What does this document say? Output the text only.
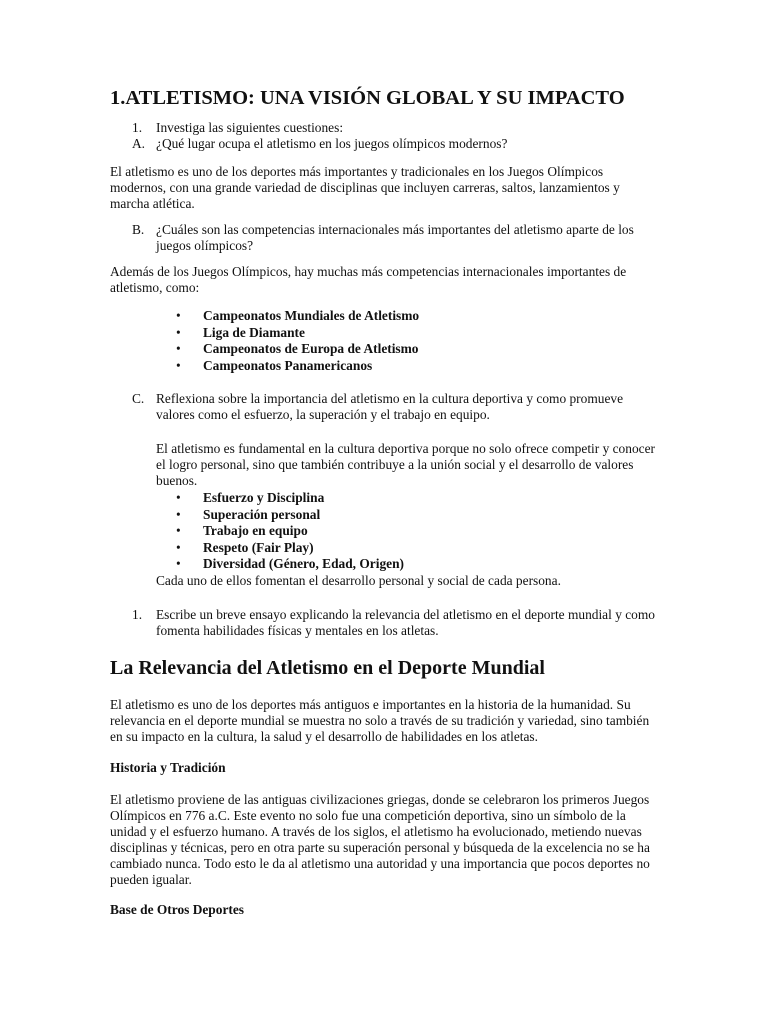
1.ATLETISMO: UNA VISIÓN GLOBAL Y SU IMPACTO

1. Investiga las siguientes cuestiones:

A. ¿Qué lugar ocupa el atletismo en los juegos olímpicos modernos?

El atletismo es uno de los deportes más importantes y tradicionales en los Juegos Olímpicos modernos, con una grande variedad de disciplinas que incluyen carreras, saltos, lanzamientos y marcha atlética.

B. ¿Cuáles son las competencias internacionales más importantes del atletismo aparte de los juegos olímpicos?

Además de los Juegos Olímpicos, hay muchas más competencias internacionales importantes de atletismo, como:

• Campeonatos Mundiales de Atletismo

• Liga de Diamante

• Campeonatos de Europa de Atletismo

• Campeonatos Panamericanos

C. Reflexiona sobre la importancia del atletismo en la cultura deportiva y como promueve valores como el esfuerzo, la superación y el trabajo en equipo.

El atletismo es fundamental en la cultura deportiva porque no solo ofrece competir y conocer el logro personal, sino que también contribuye a la unión social y el desarrollo de valores buenos.

• Esfuerzo y Disciplina

• Superación personal

• Trabajo en equipo

• Respeto (Fair Play)

• Diversidad (Género, Edad, Origen)

Cada uno de ellos fomentan el desarrollo personal y social de cada persona.

1. Escribe un breve ensayo explicando la relevancia del atletismo en el deporte mundial y como fomenta habilidades físicas y mentales en los atletas.

La Relevancia del Atletismo en el Deporte Mundial

El atletismo es uno de los deportes más antiguos e importantes en la historia de la humanidad. Su relevancia en el deporte mundial se muestra no solo a través de su tradición y variedad, sino también en su impacto en la cultura, la salud y el desarrollo de habilidades en los atletas.

Historia y Tradición

El atletismo proviene de las antiguas civilizaciones griegas, donde se celebraron los primeros Juegos Olímpicos en 776 a.C. Este evento no solo fue una competición deportiva, sino un símbolo de la unidad y el esfuerzo humano. A través de los siglos, el atletismo ha evolucionado, metiendo nuevas disciplinas y técnicas, pero en otra parte su superación personal y búsqueda de la excelencia no se ha cambiado nunca. Todo esto le da al atletismo una autoridad y una importancia que pocos deportes no pueden igualar.

Base de Otros Deportes
